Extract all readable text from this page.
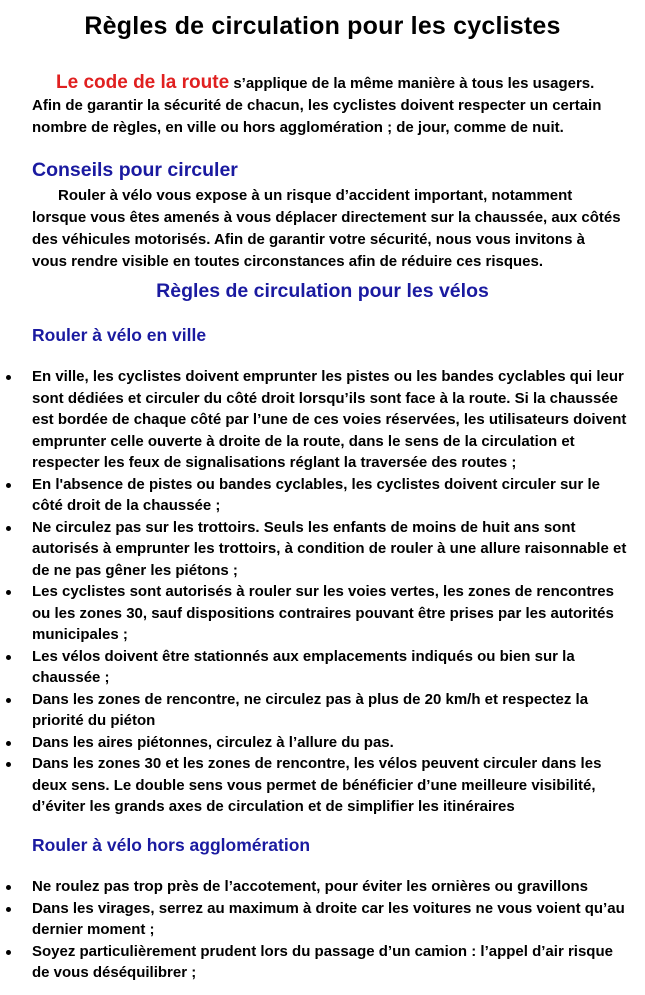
Règles de circulation pour les cyclistes

Le code de la route s’applique de la même manière à tous les usagers. Afin de garantir la sécurité de chacun, les cyclistes doivent respecter un certain nombre de règles, en ville ou hors agglomération ; de jour, comme de nuit.

Conseils pour circuler

Rouler à vélo vous expose à un risque d’accident important, notamment lorsque vous êtes amenés à vous déplacer directement sur la chaussée, aux côtés des véhicules motorisés. Afin de garantir votre sécurité, nous vous invitons à vous rendre visible en toutes circonstances afin de réduire ces risques.

Règles de circulation pour les vélos
Rouler à vélo en ville
En ville, les cyclistes doivent emprunter les pistes ou les bandes cyclables qui leur sont dédiées et circuler du côté droit lorsqu’ils sont face à la route. Si la chaussée est bordée de chaque côté par l’une de ces voies réservées, les utilisateurs doivent emprunter celle ouverte à droite de la route, dans le sens de la circulation et respecter les feux de signalisations réglant la traversée des routes ;
En l'absence de pistes ou bandes cyclables, les cyclistes doivent circuler sur le côté droit de la chaussée ;
Ne circulez pas sur les trottoirs. Seuls les enfants de moins de huit ans sont autorisés à emprunter les trottoirs, à condition de rouler à une allure raisonnable et de ne pas gêner les piétons ;
Les cyclistes sont autorisés à rouler sur les voies vertes, les zones de rencontres ou les zones 30, sauf dispositions contraires pouvant être prises par les autorités municipales ;
Les vélos doivent être stationnés aux emplacements indiqués ou bien sur la chaussée ;
Dans les zones de rencontre, ne circulez pas à plus de 20 km/h et respectez la priorité du piéton
Dans les aires piétonnes, circulez à l’allure du pas.
Dans les zones 30 et les zones de rencontre, les vélos peuvent circuler dans les deux sens. Le double sens vous permet de bénéficier d’une meilleure visibilité, d’éviter les grands axes de circulation et de simplifier les itinéraires
Rouler à vélo hors agglomération
Ne roulez pas trop près de l’accotement, pour éviter les ornières ou gravillons
Dans les virages, serrez au maximum à droite car les voitures ne vous voient qu’au dernier moment ;
Soyez particulièrement prudent lors du passage d’un camion : l’appel d’air risque de vous déséquilibrer ;
